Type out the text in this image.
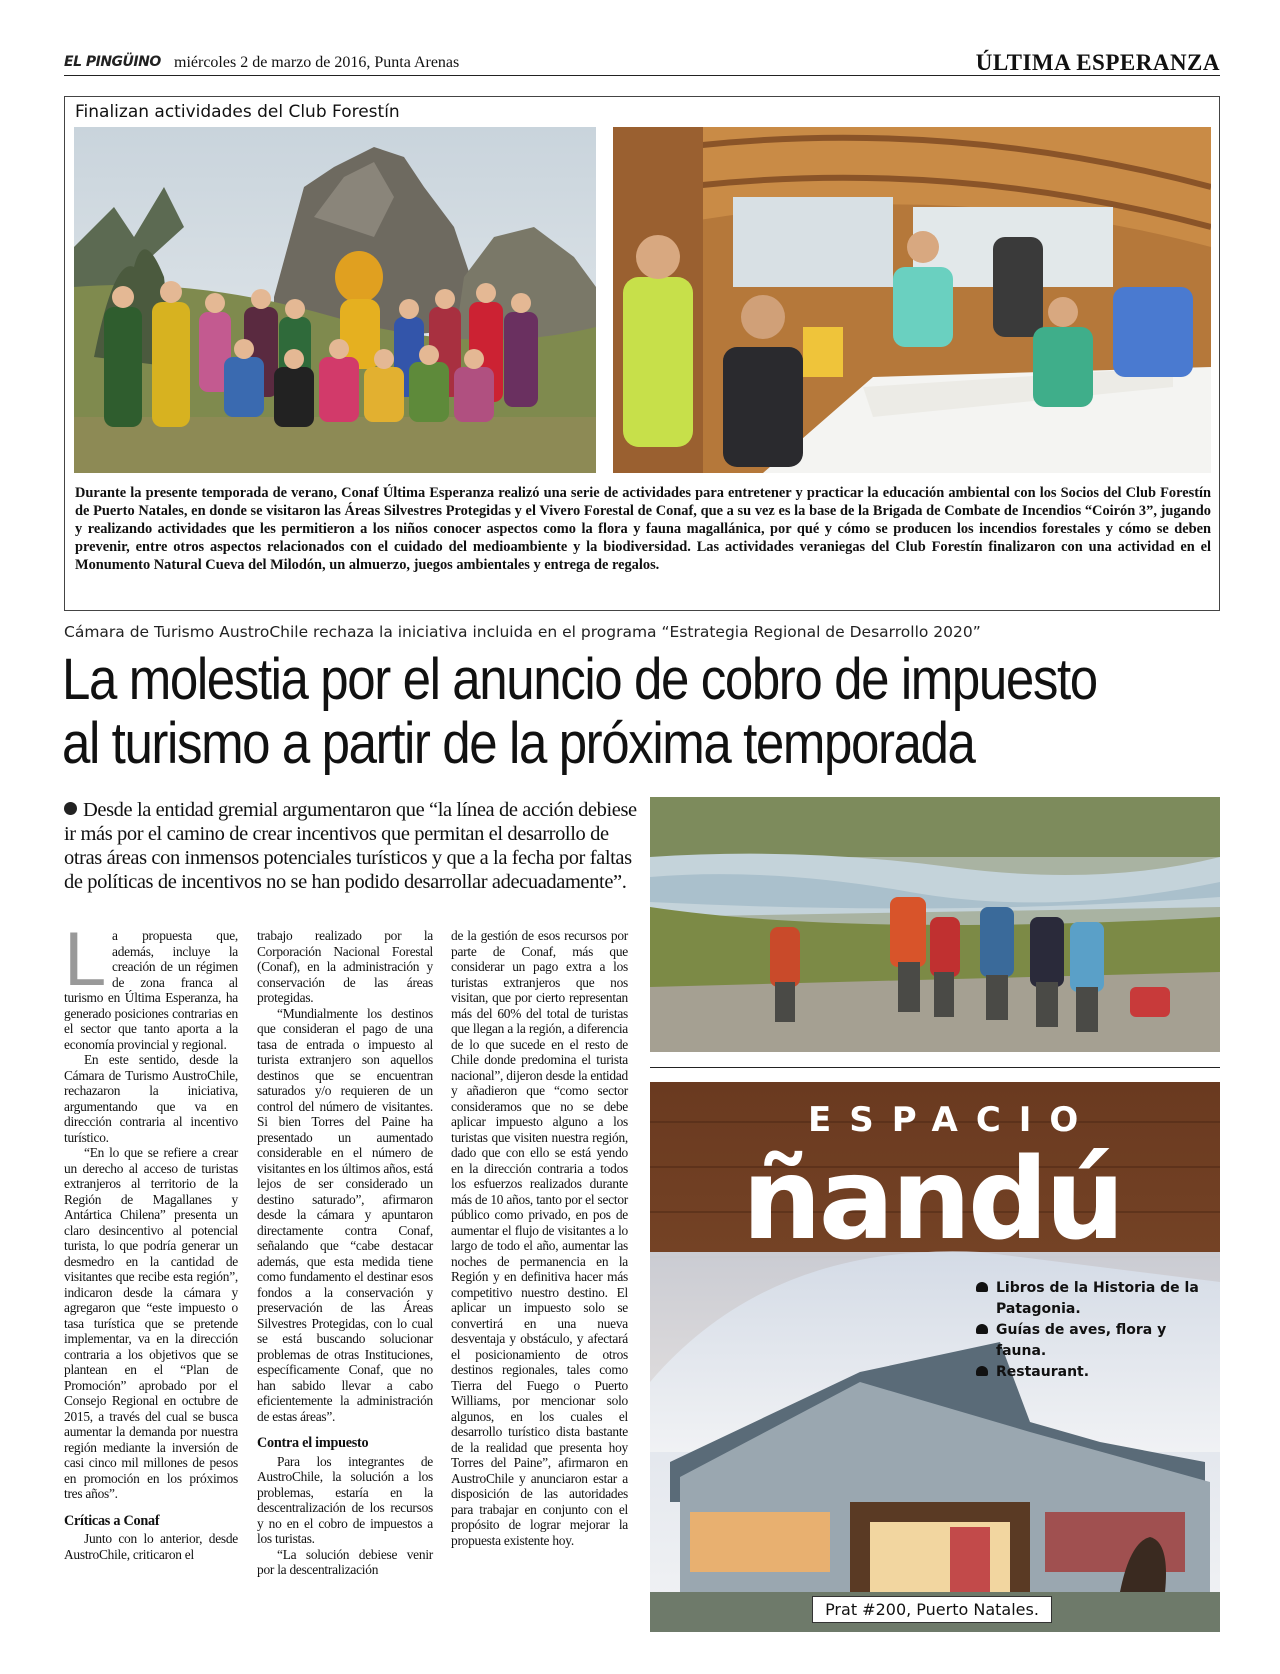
EL PINGÜINO miércoles 2 de marzo de 2016, Punta Arenas	ÚLTIMA ESPERANZA
Finalizan actividades del Club Forestín
Durante la presente temporada de verano, Conaf Última Esperanza realizó una serie de actividades para entretener y practicar la educación ambiental con los Socios del Club Forestín de Puerto Natales, en donde se visitaron las Áreas Silvestres Protegidas y el Vivero Forestal de Conaf, que a su vez es la base de la Brigada de Combate de Incendios “Coirón 3”, jugando y realizando actividades que les permitieron a los niños conocer aspectos como la flora y fauna magallánica, por qué y cómo se producen los incendios forestales y cómo se deben prevenir, entre otros aspectos relacionados con el cuidado del medioambiente y la biodiversidad. Las actividades veraniegas del Club Forestín finalizaron con una actividad en el Monumento Natural Cueva del Milodón, un almuerzo, juegos ambientales y entrega de regalos.
Cámara de Turismo AustroChile rechaza la iniciativa incluida en el programa “Estrategia Regional de Desarrollo 2020”
La molestia por el anuncio de cobro de impuesto
al turismo a partir de la próxima temporada
Desde la entidad gremial argumentaron que “la línea de acción debiese ir más por el camino de crear incentivos que permitan el desarrollo de otras áreas con inmensos potenciales turísticos y que a la fecha por faltas de políticas de incentivos no se han podido desarrollar adecuadamente”.

La propuesta que, además, incluye la creación de un régimen de zona franca al turismo en Última Esperanza, ha generado posiciones contrarias en el sector que tanto aporta a la economía provincial y regional.

En este sentido, desde la Cámara de Turismo AustroChile, rechazaron la iniciativa, argumentando que va en dirección contraria al incentivo turístico.

“En lo que se refiere a crear un derecho al acceso de turistas extranjeros al territorio de la Región de Magallanes y Antártica Chilena” presenta un claro desincentivo al potencial turista, lo que podría generar un desmedro en la cantidad de visitantes que recibe esta región”, indicaron desde la cámara y agregaron que “este impuesto o tasa turística que se pretende implementar, va en la dirección contraria a los objetivos que se plantean en el “Plan de Promoción” aprobado por el Consejo Regional en octubre de 2015, a través del cual se busca aumentar la demanda por nuestra región mediante la inversión de casi cinco mil millones de pesos en promoción en los próximos tres años”.

Críticas a Conaf

Junto con lo anterior, desde AustroChile, criticaron el

trabajo realizado por la Corporación Nacional Forestal (Conaf), en la administración y conservación de las áreas protegidas.

“Mundialmente los destinos que consideran el pago de una tasa de entrada o impuesto al turista extranjero son aquellos destinos que se encuentran saturados y/o requieren de un control del número de visitantes. Si bien Torres del Paine ha presentado un aumentado considerable en el número de visitantes en los últimos años, está lejos de ser considerado un destino saturado”, afirmaron desde la cámara y apuntaron directamente contra Conaf, señalando que “cabe destacar además, que esta medida tiene como fundamento el destinar esos fondos a la conservación y preservación de las Áreas Silvestres Protegidas, con lo cual se está buscando solucionar problemas de otras Instituciones, específicamente Conaf, que no han sabido llevar a cabo eficientemente la administración de estas áreas”.

Contra el impuesto

Para los integrantes de AustroChile, la solución a los problemas, estaría en la descentralización de los recursos y no en el cobro de impuestos a los turistas.

“La solución debiese venir por la descentralización

de la gestión de esos recursos por parte de Conaf, más que considerar un pago extra a los turistas extranjeros que nos visitan, que por cierto representan más del 60% del total de turistas que llegan a la región, a diferencia de lo que sucede en el resto de Chile donde predomina el turista nacional”, dijeron desde la entidad y añadieron que “como sector consideramos que no se debe aplicar impuesto alguno a los turistas que visiten nuestra región, dado que con ello se está yendo en la dirección contraria a todos los esfuerzos realizados durante más de 10 años, tanto por el sector público como privado, en pos de aumentar el flujo de visitantes a lo largo de todo el año, aumentar las noches de permanencia en la Región y en definitiva hacer más competitivo nuestro destino. El aplicar un impuesto solo se convertirá en una nueva desventaja y obstáculo, y afectará el posicionamiento de otros destinos regionales, tales como Tierra del Fuego o Puerto Williams, por mencionar solo algunos, en los cuales el desarrollo turístico dista bastante de la realidad que presenta hoy Torres del Paine”, afirmaron en AustroChile y anunciaron estar a disposición de las autoridades para trabajar en conjunto con el propósito de lograr mejorar la propuesta existente hoy.

ESPACIO
ñandú
Libros de la Historia de la Patagonia.
Guías de aves, flora y fauna.
Restaurant.
Prat #200, Puerto Natales.
